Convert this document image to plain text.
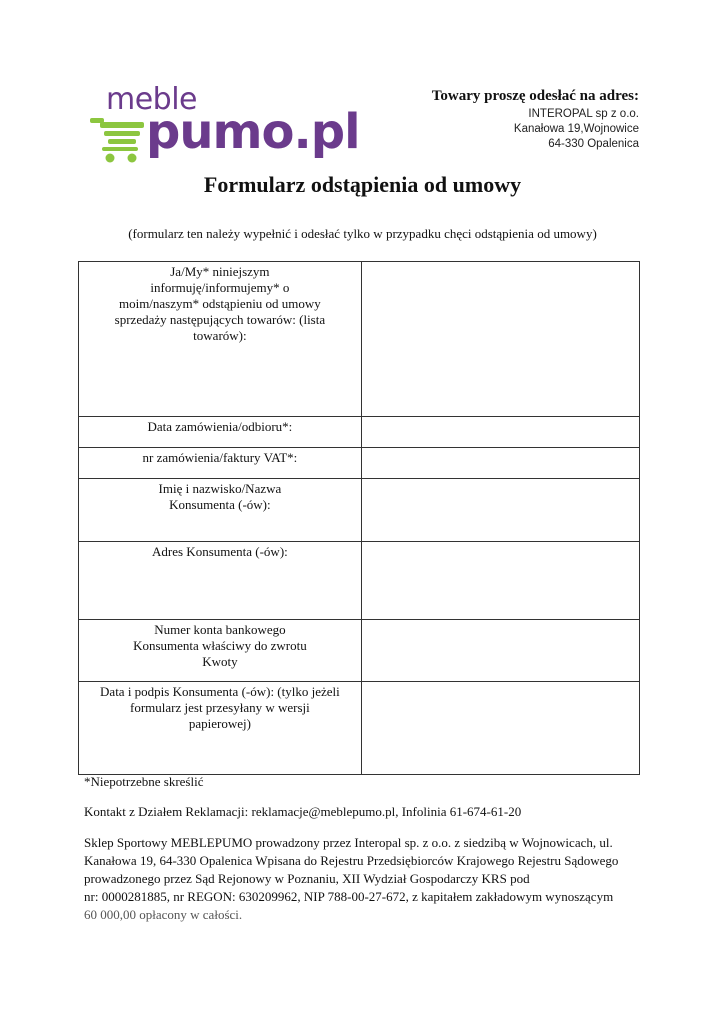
meble
pumo.pl
Towary proszę odesłać na adres:
INTEROPAL sp z o.o.
Kanałowa 19,Wojnowice
64-330 Opalenica
Formularz odstąpienia od umowy
(formularz ten należy wypełnić i odesłać tylko w przypadku chęci odstąpienia od umowy)
Ja/My* niniejszym informuję/informujemy* o moim/naszym* odstąpieniu od umowy sprzedaży następujących towarów: (lista towarów):	

Data zamówienia/odbioru*:	
nr zamówienia/faktury VAT*:	

Imię i nazwisko/Nazwa Konsumenta (-ów):	

Adres Konsumenta (-ów):	

Numer konta bankowego Konsumenta właściwy do zwrotu Kwoty	

Data i podpis Konsumenta (-ów): (tylko jeżeli formularz jest przesyłany w wersji papierowej)	

*Niepotrzebne skreślić
Kontakt z Działem Reklamacji: reklamacje@meblepumo.pl, Infolinia 61-674-61-20
Sklep Sportowy MEBLEPUMO prowadzony przez Interopal sp. z o.o. z siedzibą w Wojnowicach, ul.
Kanałowa 19, 64-330 Opalenica Wpisana do Rejestru Przedsiębiorców Krajowego Rejestru Sądowego
prowadzonego przez Sąd Rejonowy w Poznaniu, XII Wydział Gospodarczy KRS pod
nr: 0000281885, nr REGON: 630209962, NIP 788-00-27-672, z kapitałem zakładowym wynoszącym
60 000,00 opłacony w całości.
